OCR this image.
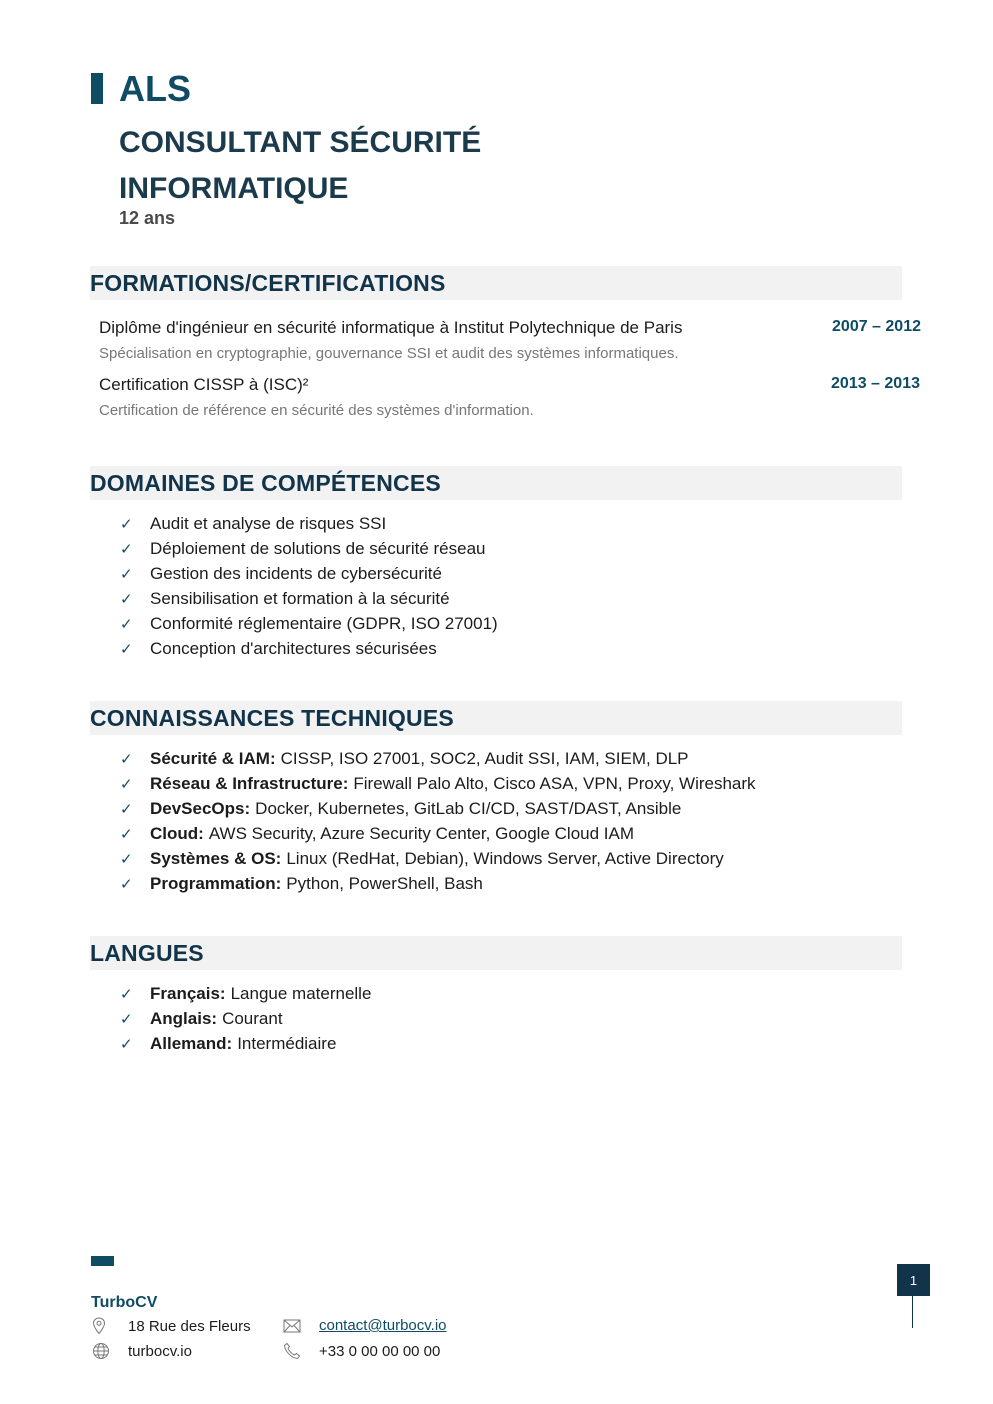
ALS
CONSULTANT SÉCURITÉ INFORMATIQUE
12 ans
FORMATIONS/CERTIFICATIONS
Diplôme d'ingénieur en sécurité informatique à Institut Polytechnique de Paris	2007 – 2012
Spécialisation en cryptographie, gouvernance SSI et audit des systèmes informatiques.
Certification CISSP à (ISC)²	2013 – 2013
Certification de référence en sécurité des systèmes d'information.
DOMAINES DE COMPÉTENCES
✓	Audit et analyse de risques SSI
✓	Déploiement de solutions de sécurité réseau
✓	Gestion des incidents de cybersécurité
✓	Sensibilisation et formation à la sécurité
✓	Conformité réglementaire (GDPR, ISO 27001)
✓	Conception d'architectures sécurisées
CONNAISSANCES TECHNIQUES
✓	Sécurité & IAM: CISSP, ISO 27001, SOC2, Audit SSI, IAM, SIEM, DLP
✓	Réseau & Infrastructure: Firewall Palo Alto, Cisco ASA, VPN, Proxy, Wireshark
✓	DevSecOps: Docker, Kubernetes, GitLab CI/CD, SAST/DAST, Ansible
✓	Cloud: AWS Security, Azure Security Center, Google Cloud IAM
✓	Systèmes & OS: Linux (RedHat, Debian), Windows Server, Active Directory
✓	Programmation: Python, PowerShell, Bash
LANGUES
✓	Français: Langue maternelle
✓	Anglais: Courant
✓	Allemand: Intermédiaire
TurboCV
18 Rue des Fleurs
turbocv.io
contact@turbocv.io
+33 0 00 00 00 00
1
